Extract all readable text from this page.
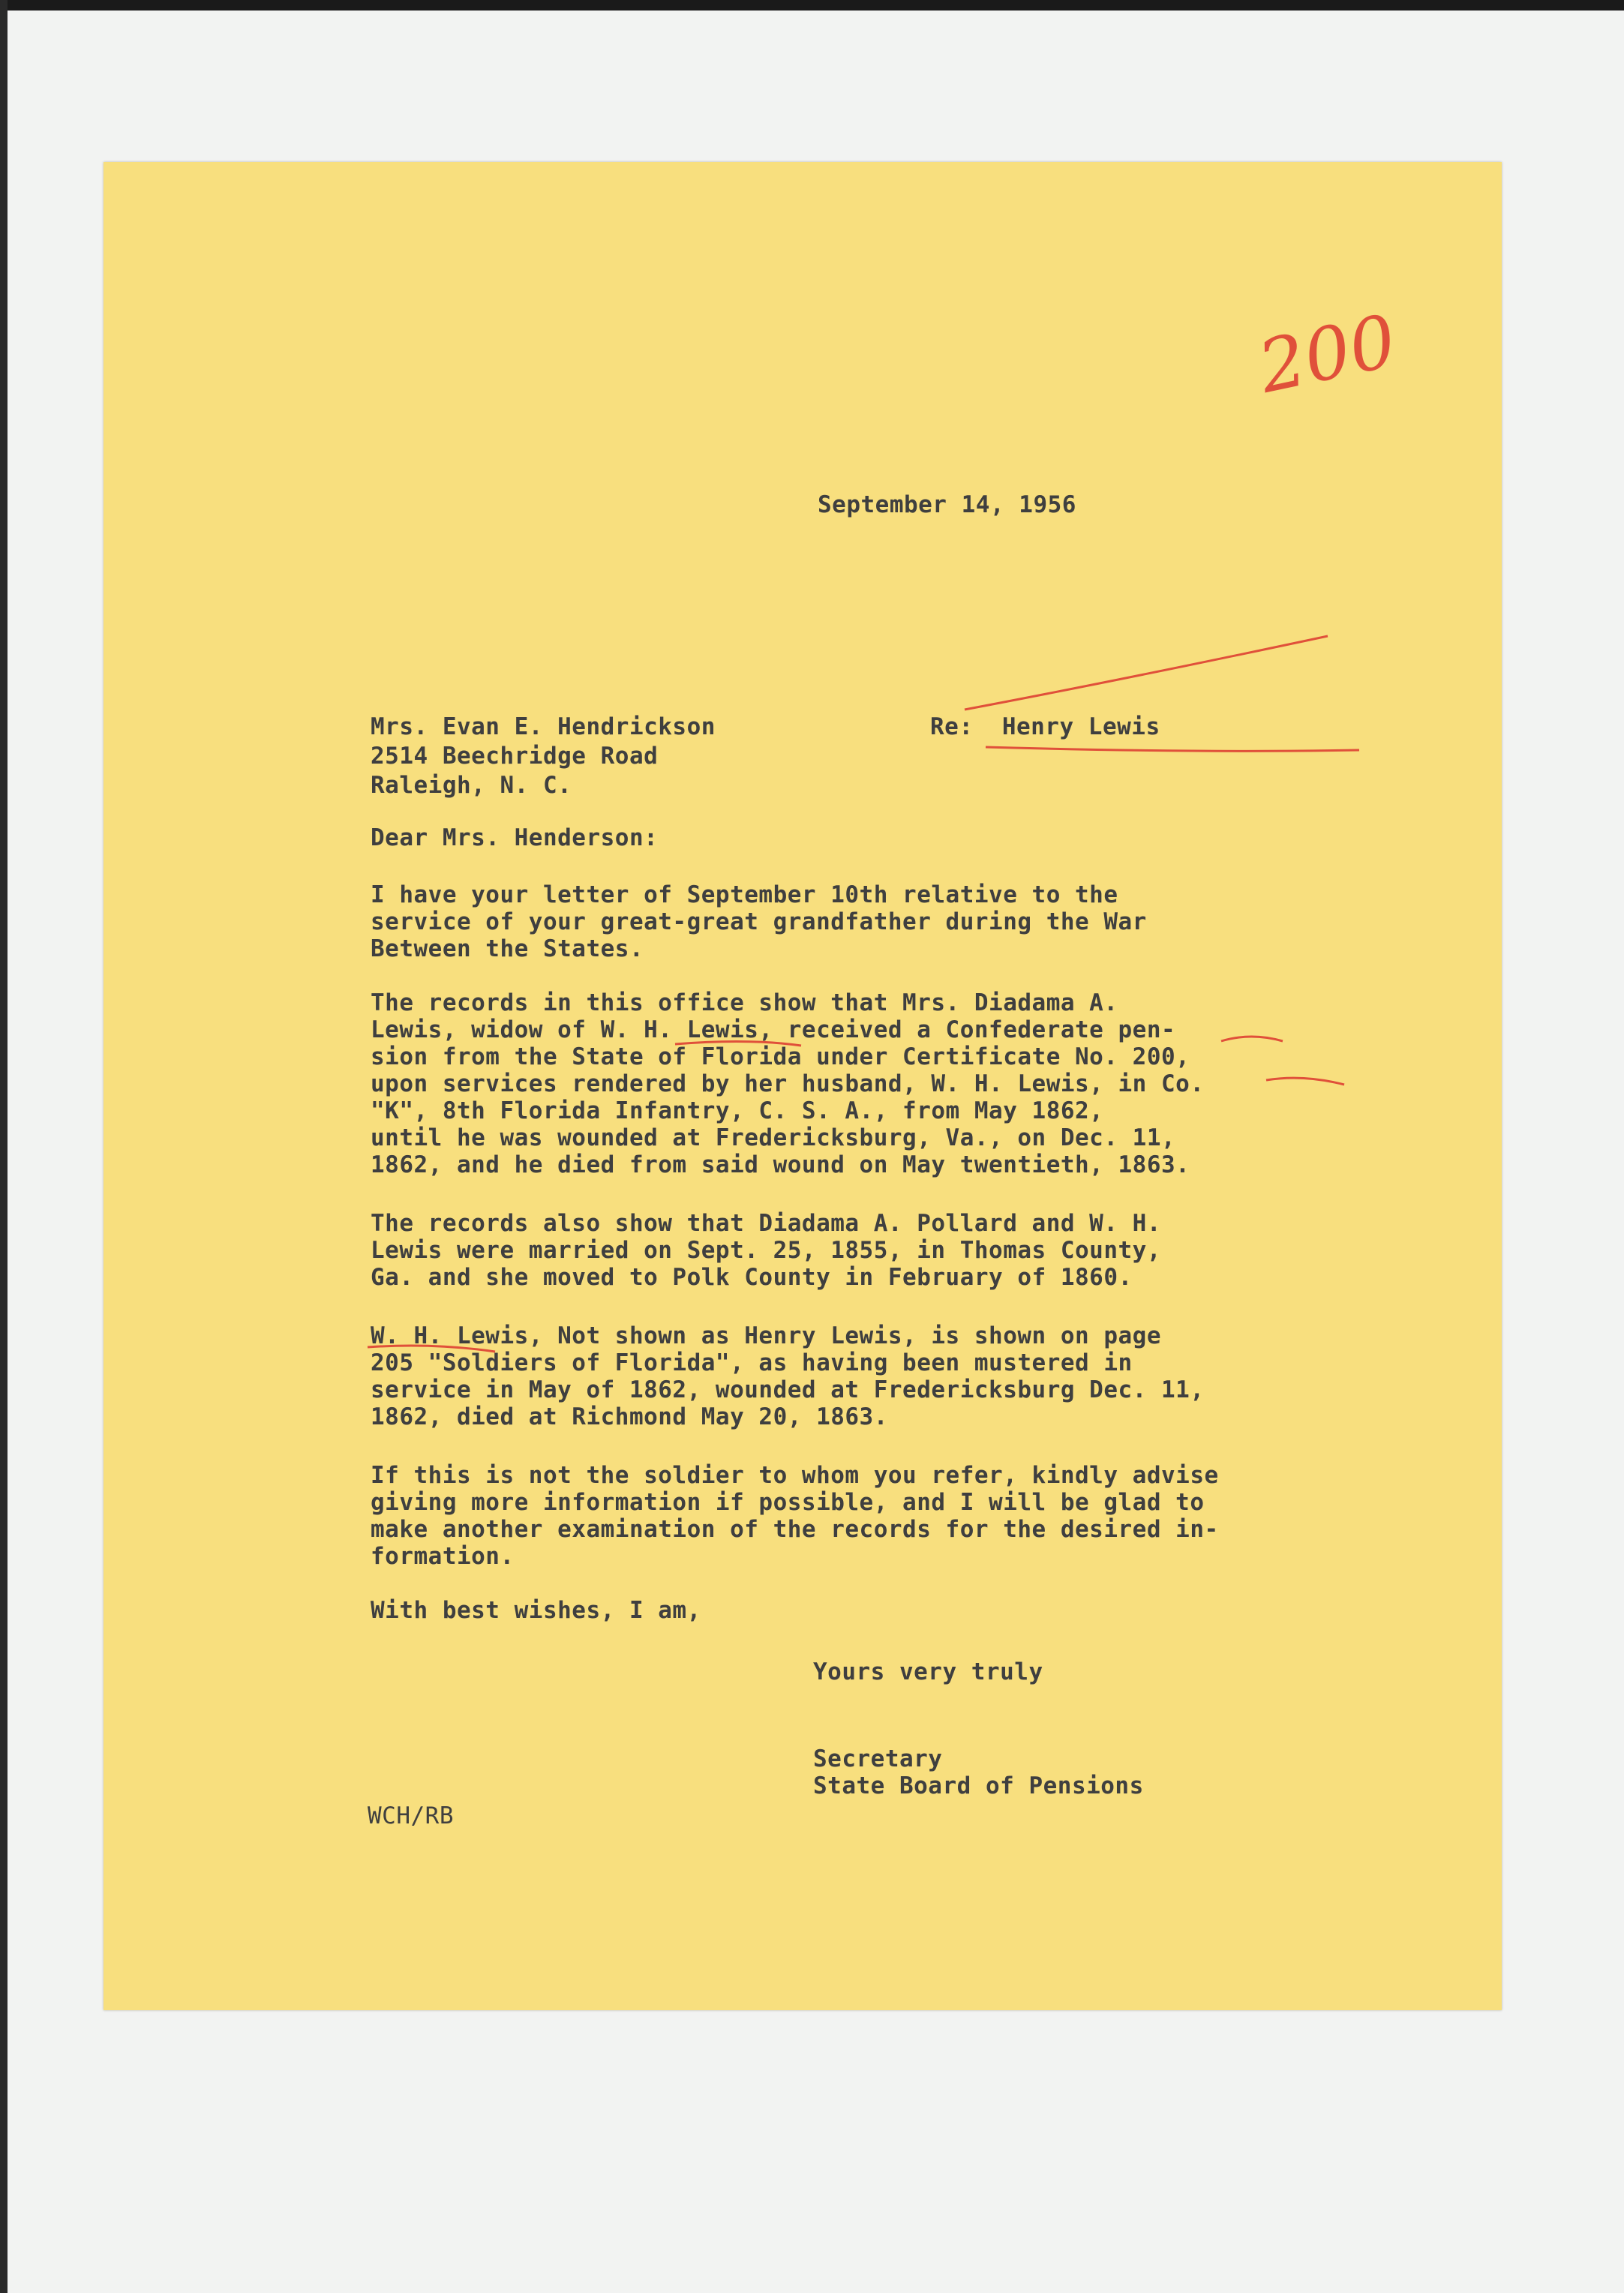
200
September 14, 1956
Mrs. Evan E. Hendrickson
2514 Beechridge Road
Raleigh, N. C.
Re:  Henry Lewis
Dear Mrs. Henderson:
I have your letter of September 10th relative to the
service of your great-great grandfather during the War
Between the States.
The records in this office show that Mrs. Diadama A.
Lewis, widow of W. H. Lewis, received a Confederate pen-
sion from the State of Florida under Certificate No. 200,
upon services rendered by her husband, W. H. Lewis, in Co.
"K", 8th Florida Infantry, C. S. A., from May 1862,
until he was wounded at Fredericksburg, Va., on Dec. 11,
1862, and he died from said wound on May twentieth, 1863.
The records also show that Diadama A. Pollard and W. H.
Lewis were married on Sept. 25, 1855, in Thomas County,
Ga. and she moved to Polk County in February of 1860.
W. H. Lewis, Not shown as Henry Lewis, is shown on page
205 "Soldiers of Florida", as having been mustered in
service in May of 1862, wounded at Fredericksburg Dec. 11,
1862, died at Richmond May 20, 1863.
If this is not the soldier to whom you refer, kindly advise
giving more information if possible, and I will be glad to
make another examination of the records for the desired in-
formation.
With best wishes, I am,
Yours very truly
Secretary
State Board of Pensions
WCH/RB
